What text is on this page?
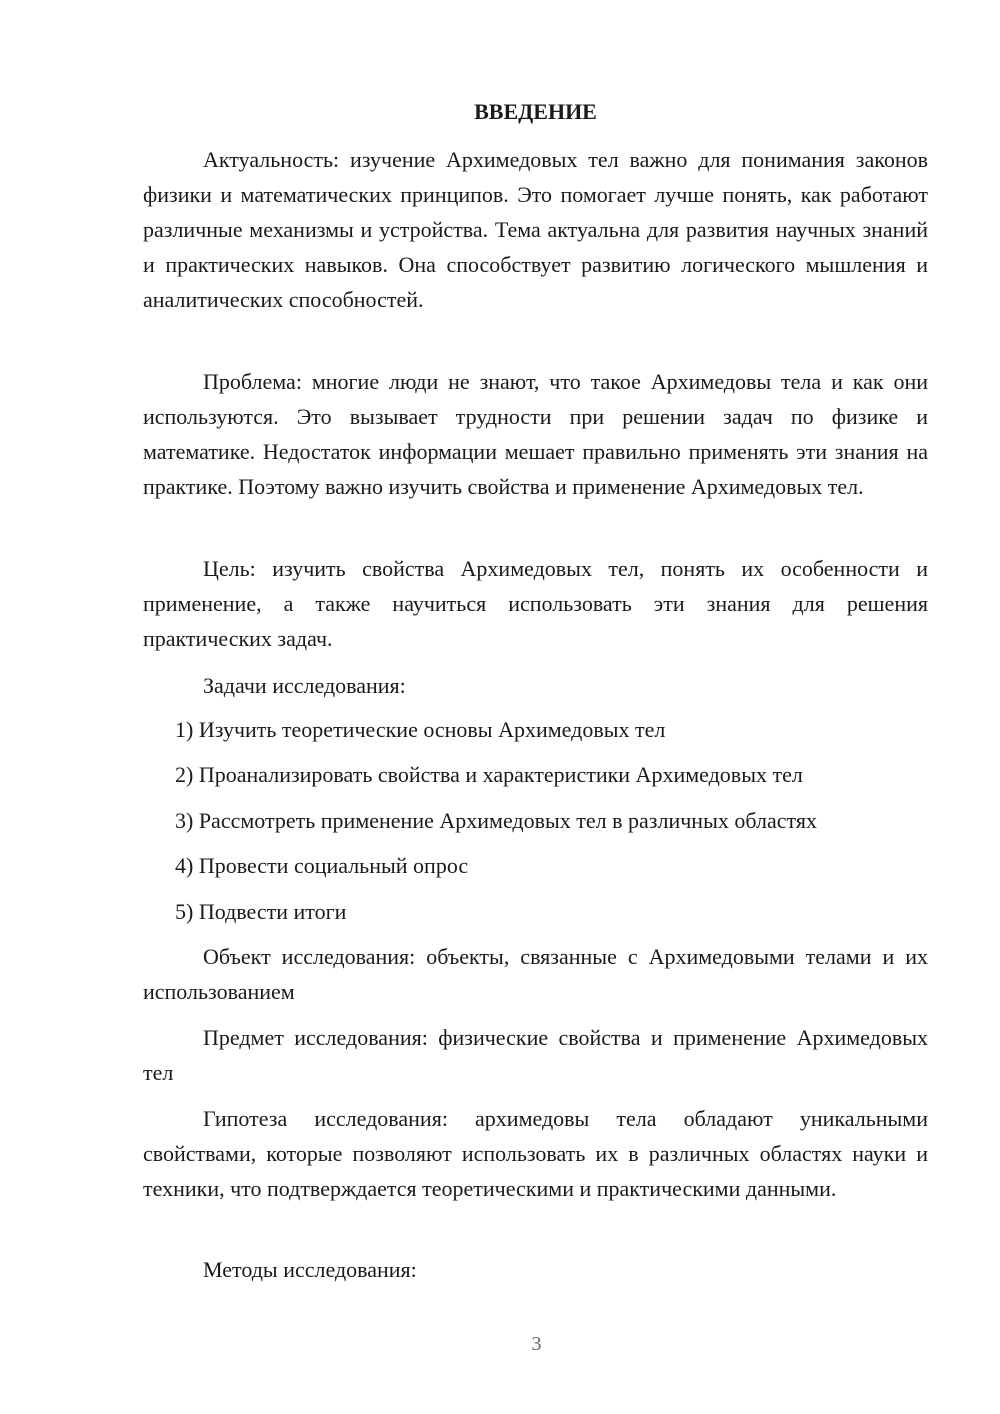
ВВЕДЕНИЕ

Актуальность: изучение Архимедовых тел важно для понимания законов физики и математических принципов. Это помогает лучше понять, как работают различные механизмы и устройства. Тема актуальна для развития научных знаний и практических навыков. Она способствует развитию логического мышления и аналитических способностей.

Проблема: многие люди не знают, что такое Архимедовы тела и как они используются. Это вызывает трудности при решении задач по физике и математике. Недостаток информации мешает правильно применять эти знания на практике. Поэтому важно изучить свойства и применение Архимедовых тел.

Цель: изучить свойства Архимедовых тел, понять их особенности и применение, а также научиться использовать эти знания для решения практических задач.

Задачи исследования:
1) Изучить теоретические основы Архимедовых тел
2) Проанализировать свойства и характеристики Архимедовых тел
3) Рассмотреть применение Архимедовых тел в различных областях
4) Провести социальный опрос
5) Подвести итоги

Объект исследования: объекты, связанные с Архимедовыми телами и их использованием

Предмет исследования: физические свойства и применение Архимедовых тел

Гипотеза исследования: архимедовы тела обладают уникальными свойствами, которые позволяют использовать их в различных областях науки и техники, что подтверждается теоретическими и практическими данными.

Методы исследования:
3
